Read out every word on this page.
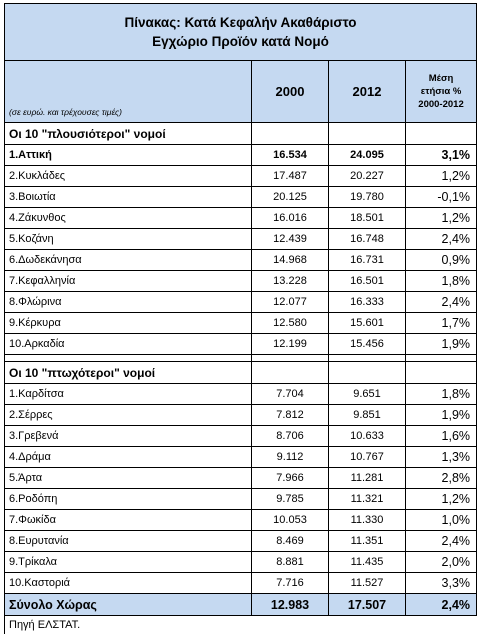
Πίνακας: Κατά Κεφαλήν Ακαθάριστο
Εγχώριο Προϊόν κατά Νομό			

(σε ευρώ. και τρέχουσες τιμές)	2000	2012	Μέση
ετήσια %
2000-2012

Οι 10 "πλουσιότεροι" νομοί			
1.Αττική	16.534	24.095	3,1%
2.Κυκλάδες	17.487	20.227	1,2%
3.Βοιωτία	20.125	19.780	-0,1%
4.Ζάκυνθος	16.016	18.501	1,2%
5.Κοζάνη	12.439	16.748	2,4%
6.Δωδεκάνησα	14.968	16.731	0,9%
7.Κεφαλληνία	13.228	16.501	1,8%
8.Φλώρινα	12.077	16.333	2,4%
9.Κέρκυρα	12.580	15.601	1,7%
10.Αρκαδία	12.199	15.456	1,9%

Οι 10 "πτωχότεροι" νομοί			
1.Καρδίτσα	7.704	9.651	1,8%
2.Σέρρες	7.812	9.851	1,9%
3.Γρεβενά	8.706	10.633	1,6%
4.Δράμα	9.112	10.767	1,3%
5.Άρτα	7.966	11.281	2,8%
6.Ροδόπη	9.785	11.321	1,2%
7.Φωκίδα	10.053	11.330	1,0%
8.Ευρυτανία	8.469	11.351	2,4%
9.Τρίκαλα	8.881	11.435	2,0%
10.Καστοριά	7.716	11.527	3,3%
Σύνολο Χώρας	12.983	17.507	2,4%
Πηγή ΕΛΣΤΑΤ.			
